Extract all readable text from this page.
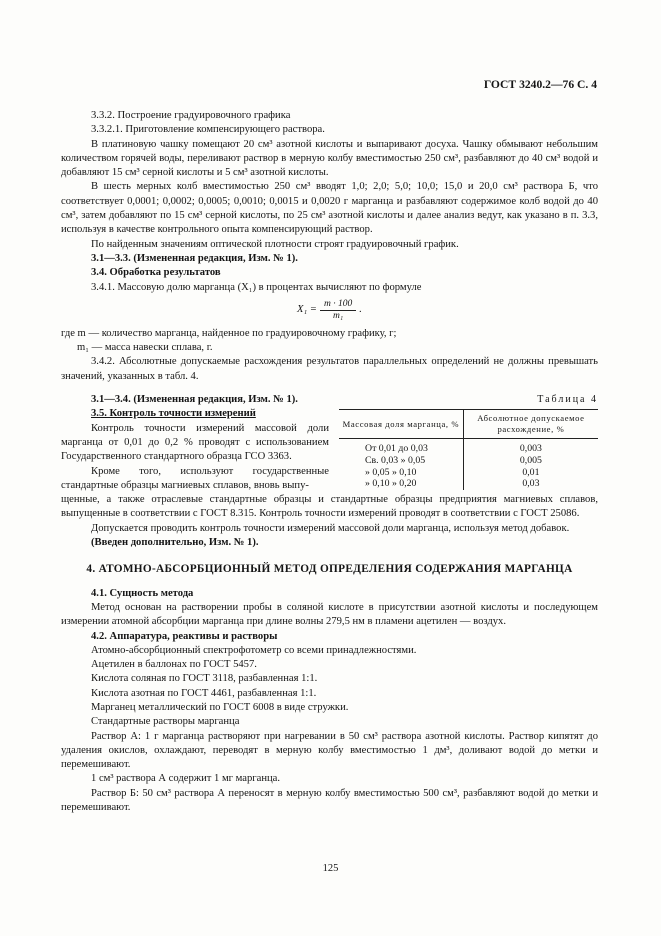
ГОСТ 3240.2—76 С. 4

3.3.2. Построение градуировочного графика

3.3.2.1. Приготовление компенсирующего раствора.

В платиновую чашку помещают 20 см³ азотной кислоты и выпаривают досуха. Чашку обмывают небольшим количеством горячей воды, переливают раствор в мерную колбу вместимостью 250 см³, разбавляют до 40 см³ водой и добавляют 15 см³ серной кислоты и 5 см³ азотной кислоты.

В шесть мерных колб вместимостью 250 см³ вводят 1,0; 2,0; 5,0; 10,0; 15,0 и 20,0 см³ раствора Б, что соответствует 0,0001; 0,0002; 0,0005; 0,0010; 0,0015 и 0,0020 г марганца и разбавляют содержимое колб водой до 40 см³, затем добавляют по 15 см³ серной кислоты, по 25 см³ азотной кислоты и далее анализ ведут, как указано в п. 3.3, используя в качестве контрольного опыта компенсирующий раствор.

По найденным значениям оптической плотности строят градуировочный график.

3.1—3.3. (Измененная редакция, Изм. № 1).

3.4. Обработка результатов

3.4.1. Массовую долю марганца (X₁) в процентах вычисляют по формуле

$X_1 = \frac{m \cdot 100}{\text{m₁}}$ .

где m — количество марганца, найденное по градуировочному графику, г;

m₁ — масса навески сплава, г.

3.4.2. Абсолютные допускаемые расхождения результатов параллельных определений не должны превышать значений, указанных в табл. 4.

3.1—3.4. (Измененная редакция, Изм. № 1).

3.5. Контроль точности измерений

Контроль точности измерений массовой доли марганца от 0,01 до 0,2 % проводят с использованием Государственного стандартного образца ГСО 3363.

Кроме того, используют государственные стандартные образцы магниевых сплавов, вновь выпу-

Таблица 4
Массовая доля марганца, %	Абсолютное допускаемое расхождение, %
От 0,01 до 0,03	0,003
Св. 0,03 » 0,05	0,005
» 0,05 » 0,10	0,01
» 0,10 » 0,20	0,03

щенные, а также отраслевые стандартные образцы и стандартные образцы предприятия магниевых сплавов, выпущенные в соответствии с ГОСТ 8.315. Контроль точности измерений проводят в соответствии с ГОСТ 25086.

Допускается проводить контроль точности измерений массовой доли марганца, используя метод добавок.

(Введен дополнительно, Изм. № 1).

4. АТОМНО-АБСОРБЦИОННЫЙ МЕТОД ОПРЕДЕЛЕНИЯ СОДЕРЖАНИЯ МАРГАНЦА

4.1. Сущность метода

Метод основан на растворении пробы в соляной кислоте в присутствии азотной кислоты и последующем измерении атомной абсорбции марганца при длине волны 279,5 нм в пламени ацетилен — воздух.

4.2. Аппаратура, реактивы и растворы

Атомно-абсорбционный спектрофотометр со всеми принадлежностями.

Ацетилен в баллонах по ГОСТ 5457.

Кислота соляная по ГОСТ 3118, разбавленная 1:1.

Кислота азотная по ГОСТ 4461, разбавленная 1:1.

Марганец металлический по ГОСТ 6008 в виде стружки.

Стандартные растворы марганца

Раствор А: 1 г марганца растворяют при нагревании в 50 см³ раствора азотной кислоты. Раствор кипятят до удаления окислов, охлаждают, переводят в мерную колбу вместимостью 1 дм³, доливают водой до метки и перемешивают.

1 см³ раствора А содержит 1 мг марганца.

Раствор Б: 50 см³ раствора А переносят в мерную колбу вместимостью 500 см³, разбавляют водой до метки и перемешивают.

125
